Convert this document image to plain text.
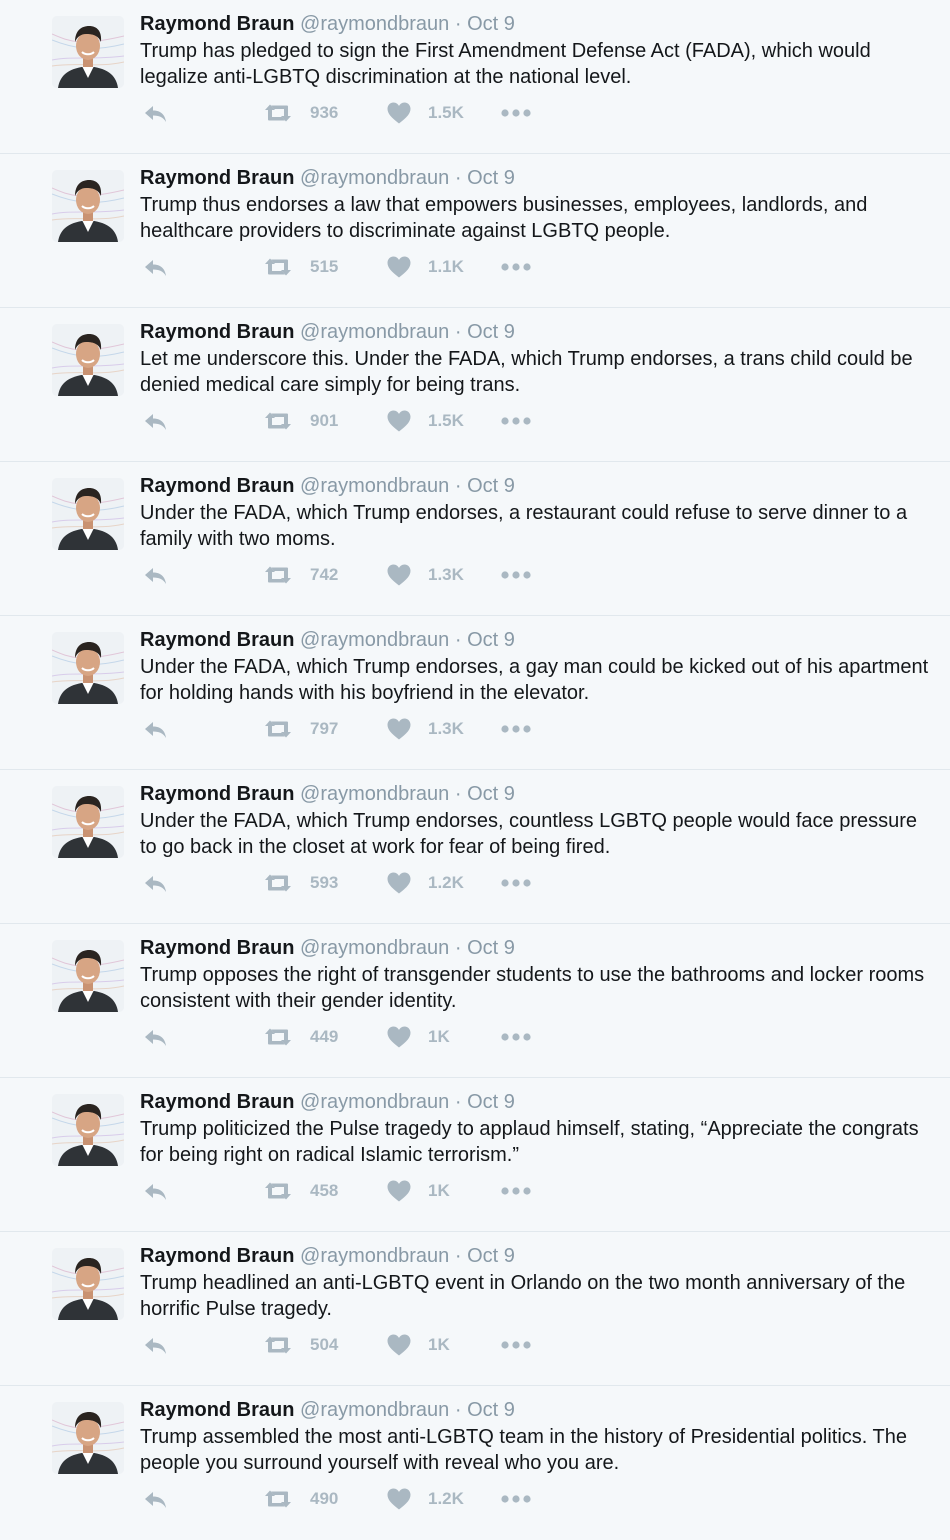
Raymond Braun @raymondbraun · Oct 9
Trump has pledged to sign the First Amendment Defense Act (FADA), which would legalize anti-LGBTQ discrimination at the national level.
936	1.5K
Raymond Braun @raymondbraun · Oct 9
Trump thus endorses a law that empowers businesses, employees, landlords, and healthcare providers to discriminate against LGBTQ people.
515	1.1K
Raymond Braun @raymondbraun · Oct 9
Let me underscore this. Under the FADA, which Trump endorses, a trans child could be denied medical care simply for being trans.
901	1.5K
Raymond Braun @raymondbraun · Oct 9
Under the FADA, which Trump endorses, a restaurant could refuse to serve dinner to a family with two moms.
742	1.3K
Raymond Braun @raymondbraun · Oct 9
Under the FADA, which Trump endorses, a gay man could be kicked out of his apartment for holding hands with his boyfriend in the elevator.
797	1.3K
Raymond Braun @raymondbraun · Oct 9
Under the FADA, which Trump endorses, countless LGBTQ people would face pressure to go back in the closet at work for fear of being fired.
593	1.2K
Raymond Braun @raymondbraun · Oct 9
Trump opposes the right of transgender students to use the bathrooms and locker rooms consistent with their gender identity.
449	1K
Raymond Braun @raymondbraun · Oct 9
Trump politicized the Pulse tragedy to applaud himself, stating, “Appreciate the congrats for being right on radical Islamic terrorism.”
458	1K
Raymond Braun @raymondbraun · Oct 9
Trump headlined an anti-LGBTQ event in Orlando on the two month anniversary of the horrific Pulse tragedy.
504	1K
Raymond Braun @raymondbraun · Oct 9
Trump assembled the most anti-LGBTQ team in the history of Presidential politics. The people you surround yourself with reveal who you are.
490	1.2K
